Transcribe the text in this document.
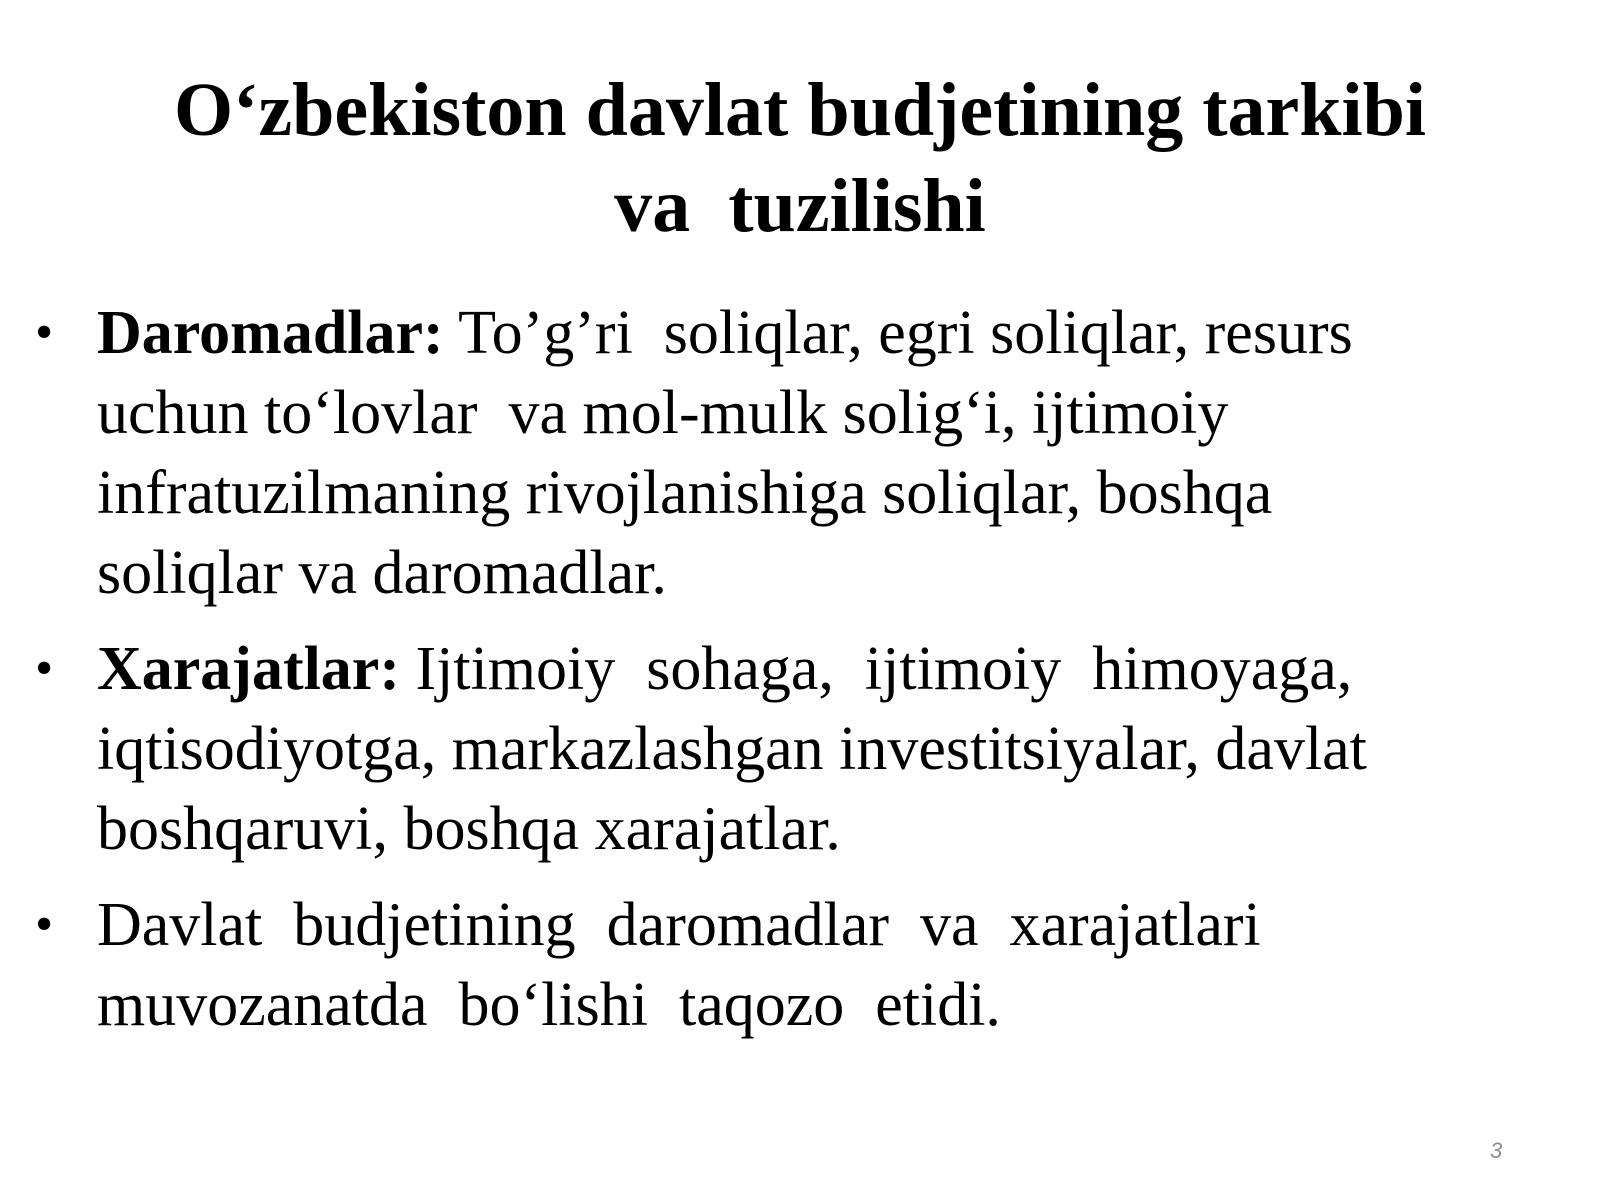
O‘zbekiston davlat budjetining tarkibi
va  tuzilishi
• Daromadlar: To’g’ri  soliqlar, egri soliqlar, resurs
uchun to‘lovlar  va mol-mulk solig‘i, ijtimoiy
infratuzilmaning rivojlanishiga soliqlar, boshqa
soliqlar va daromadlar.
• Xarajatlar: Ijtimoiy  sohaga,  ijtimoiy  himoyaga,
iqtisodiyotga, markazlashgan investitsiyalar, davlat
boshqaruvi, boshqa xarajatlar.
• Davlat  budjetining  daromadlar  va  xarajatlari
muvozanatda  bo‘lishi  taqozo  etidi.
3
